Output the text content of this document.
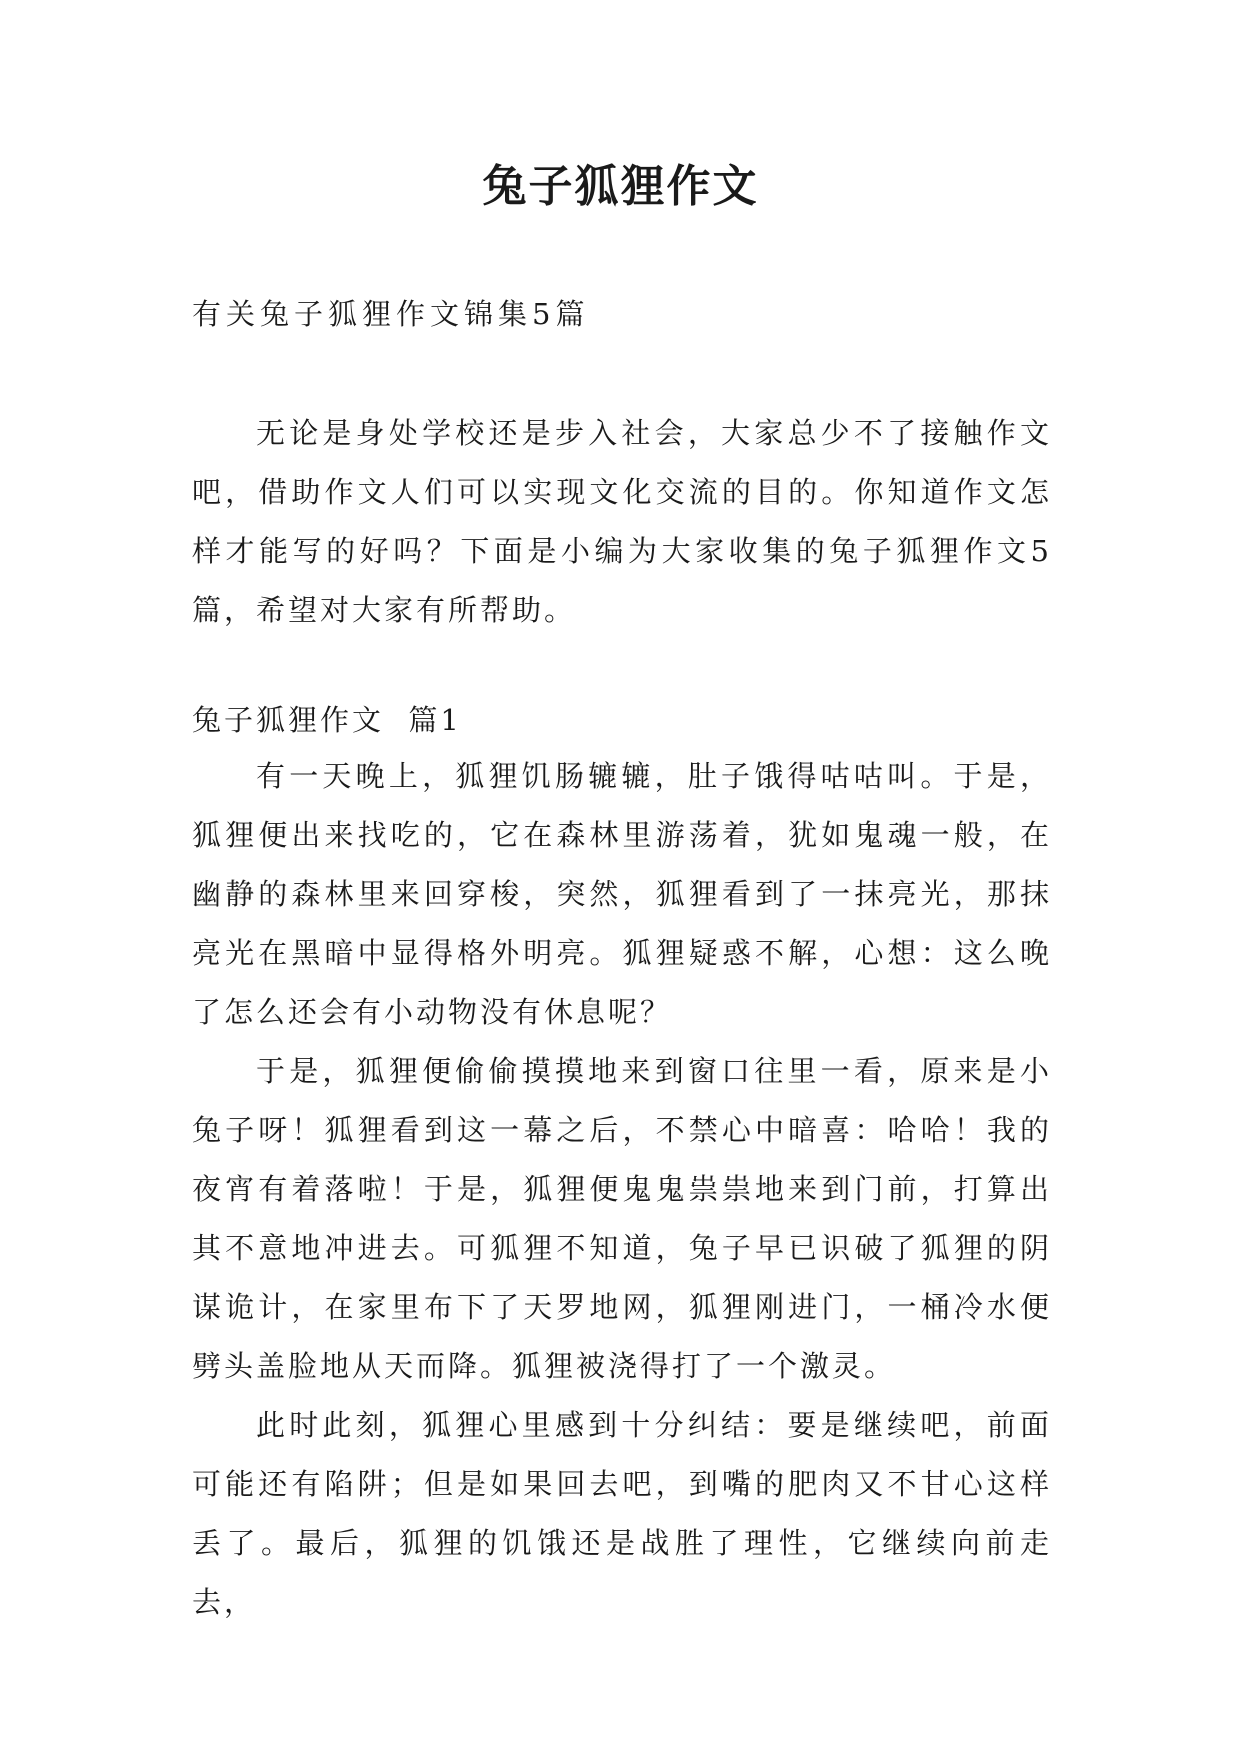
兔子狐狸作文
有关兔子狐狸作文锦集5篇

无论是身处学校还是步入社会，大家总少不了接触作文吧，借助作文人们可以实现文化交流的目的。你知道作文怎样才能写的好吗？下面是小编为大家收集的兔子狐狸作文5篇，希望对大家有所帮助。

兔子狐狸作文  篇1

有一天晚上，狐狸饥肠辘辘，肚子饿得咕咕叫。于是，狐狸便出来找吃的，它在森林里游荡着，犹如鬼魂一般，在幽静的森林里来回穿梭，突然，狐狸看到了一抹亮光，那抹亮光在黑暗中显得格外明亮。狐狸疑惑不解，心想：这么晚了怎么还会有小动物没有休息呢？

于是，狐狸便偷偷摸摸地来到窗口往里一看，原来是小兔子呀！狐狸看到这一幕之后，不禁心中暗喜：哈哈！我的夜宵有着落啦！于是，狐狸便鬼鬼祟祟地来到门前，打算出其不意地冲进去。可狐狸不知道，兔子早已识破了狐狸的阴谋诡计，在家里布下了天罗地网，狐狸刚进门，一桶冷水便劈头盖脸地从天而降。狐狸被浇得打了一个激灵。

此时此刻，狐狸心里感到十分纠结：要是继续吧，前面可能还有陷阱；但是如果回去吧，到嘴的肥肉又不甘心这样丢了。最后，狐狸的饥饿还是战胜了理性，它继续向前走去，
